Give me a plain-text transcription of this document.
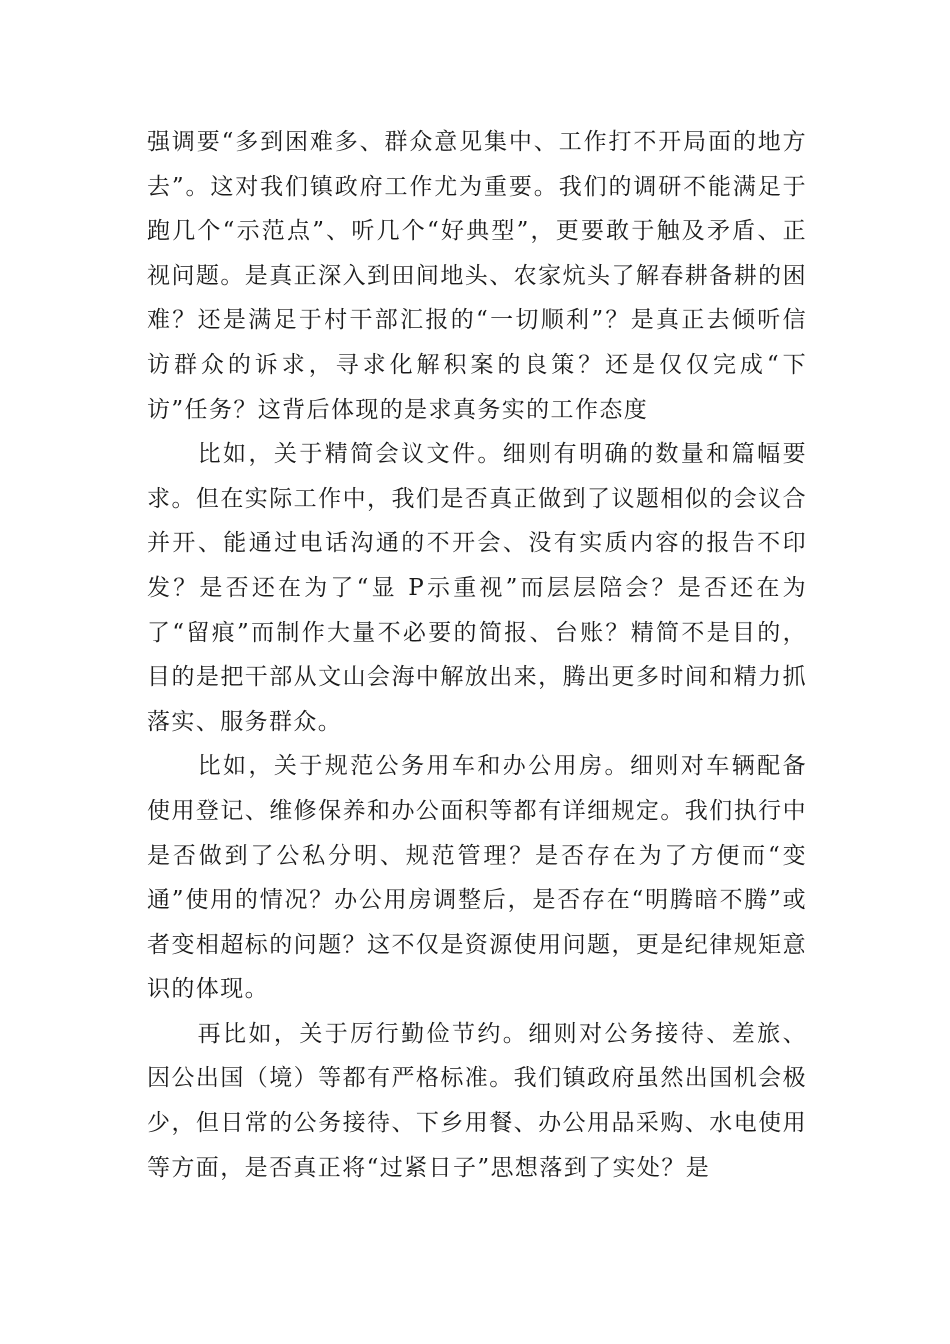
强调要“多到困难多、群众意见集中、工作打不开局面的地方去”。这对我们镇政府工作尤为重要。我们的调研不能满足于跑几个“示范点”、听几个“好典型”，更要敢于触及矛盾、正视问题。是真正深入到田间地头、农家炕头了解春耕备耕的困难？还是满足于村干部汇报的“一切顺利”？是真正去倾听信访群众的诉求，寻求化解积案的良策？还是仅仅完成“下访”任务？这背后体现的是求真务实的工作态度

比如，关于精简会议文件。细则有明确的数量和篇幅要求。但在实际工作中，我们是否真正做到了议题相似的会议合并开、能通过电话沟通的不开会、没有实质内容的报告不印发？是否还在为了“显 P示重视”而层层陪会？是否还在为了“留痕”而制作大量不必要的简报、台账？精简不是目的，目的是把干部从文山会海中解放出来，腾出更多时间和精力抓落实、服务群众。

比如，关于规范公务用车和办公用房。细则对车辆配备使用登记、维修保养和办公面积等都有详细规定。我们执行中是否做到了公私分明、规范管理？是否存在为了方便而“变通”使用的情况？办公用房调整后，是否存在“明腾暗不腾”或者变相超标的问题？这不仅是资源使用问题，更是纪律规矩意识的体现。

再比如，关于厉行勤俭节约。细则对公务接待、差旅、因公出国（境）等都有严格标准。我们镇政府虽然出国机会极少，但日常的公务接待、下乡用餐、办公用品采购、水电使用等方面，是否真正将“过紧日子”思想落到了实处？是
